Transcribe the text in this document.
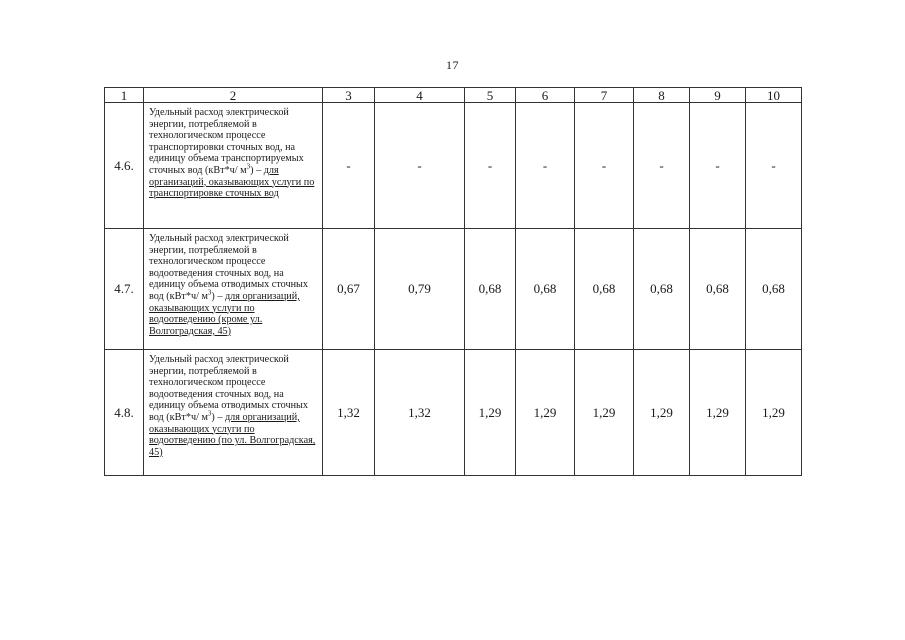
17
1	2	3	4	5	6	7	8	9	10
4.6.	Удельный расход электрической энергии, потребляемой в технологическом процессе транспортировки сточных вод, на единицу объема транспортируемых сточных вод (кВт*ч/ $м^3$) – для организаций, оказывающих услуги по транспортировке сточных вод	-	-	-	-	-	-	-	-
4.7.	Удельный расход электрической энергии, потребляемой в технологическом процессе водоотведения сточных вод, на единицу объема отводимых сточных вод (кВт*ч/ $м^3$) – для организаций, оказывающих услуги по водоотведению (кроме ул. Волгоградская, 45)	0,67	0,79	0,68	0,68	0,68	0,68	0,68	0,68
4.8.	Удельный расход электрической энергии, потребляемой в технологическом процессе водоотведения сточных вод, на единицу объема отводимых сточных вод (кВт*ч/ $м^3$) – для организаций, оказывающих услуги по водоотведению (по ул. Волгоградская, 45)	1,32	1,32	1,29	1,29	1,29	1,29	1,29	1,29
